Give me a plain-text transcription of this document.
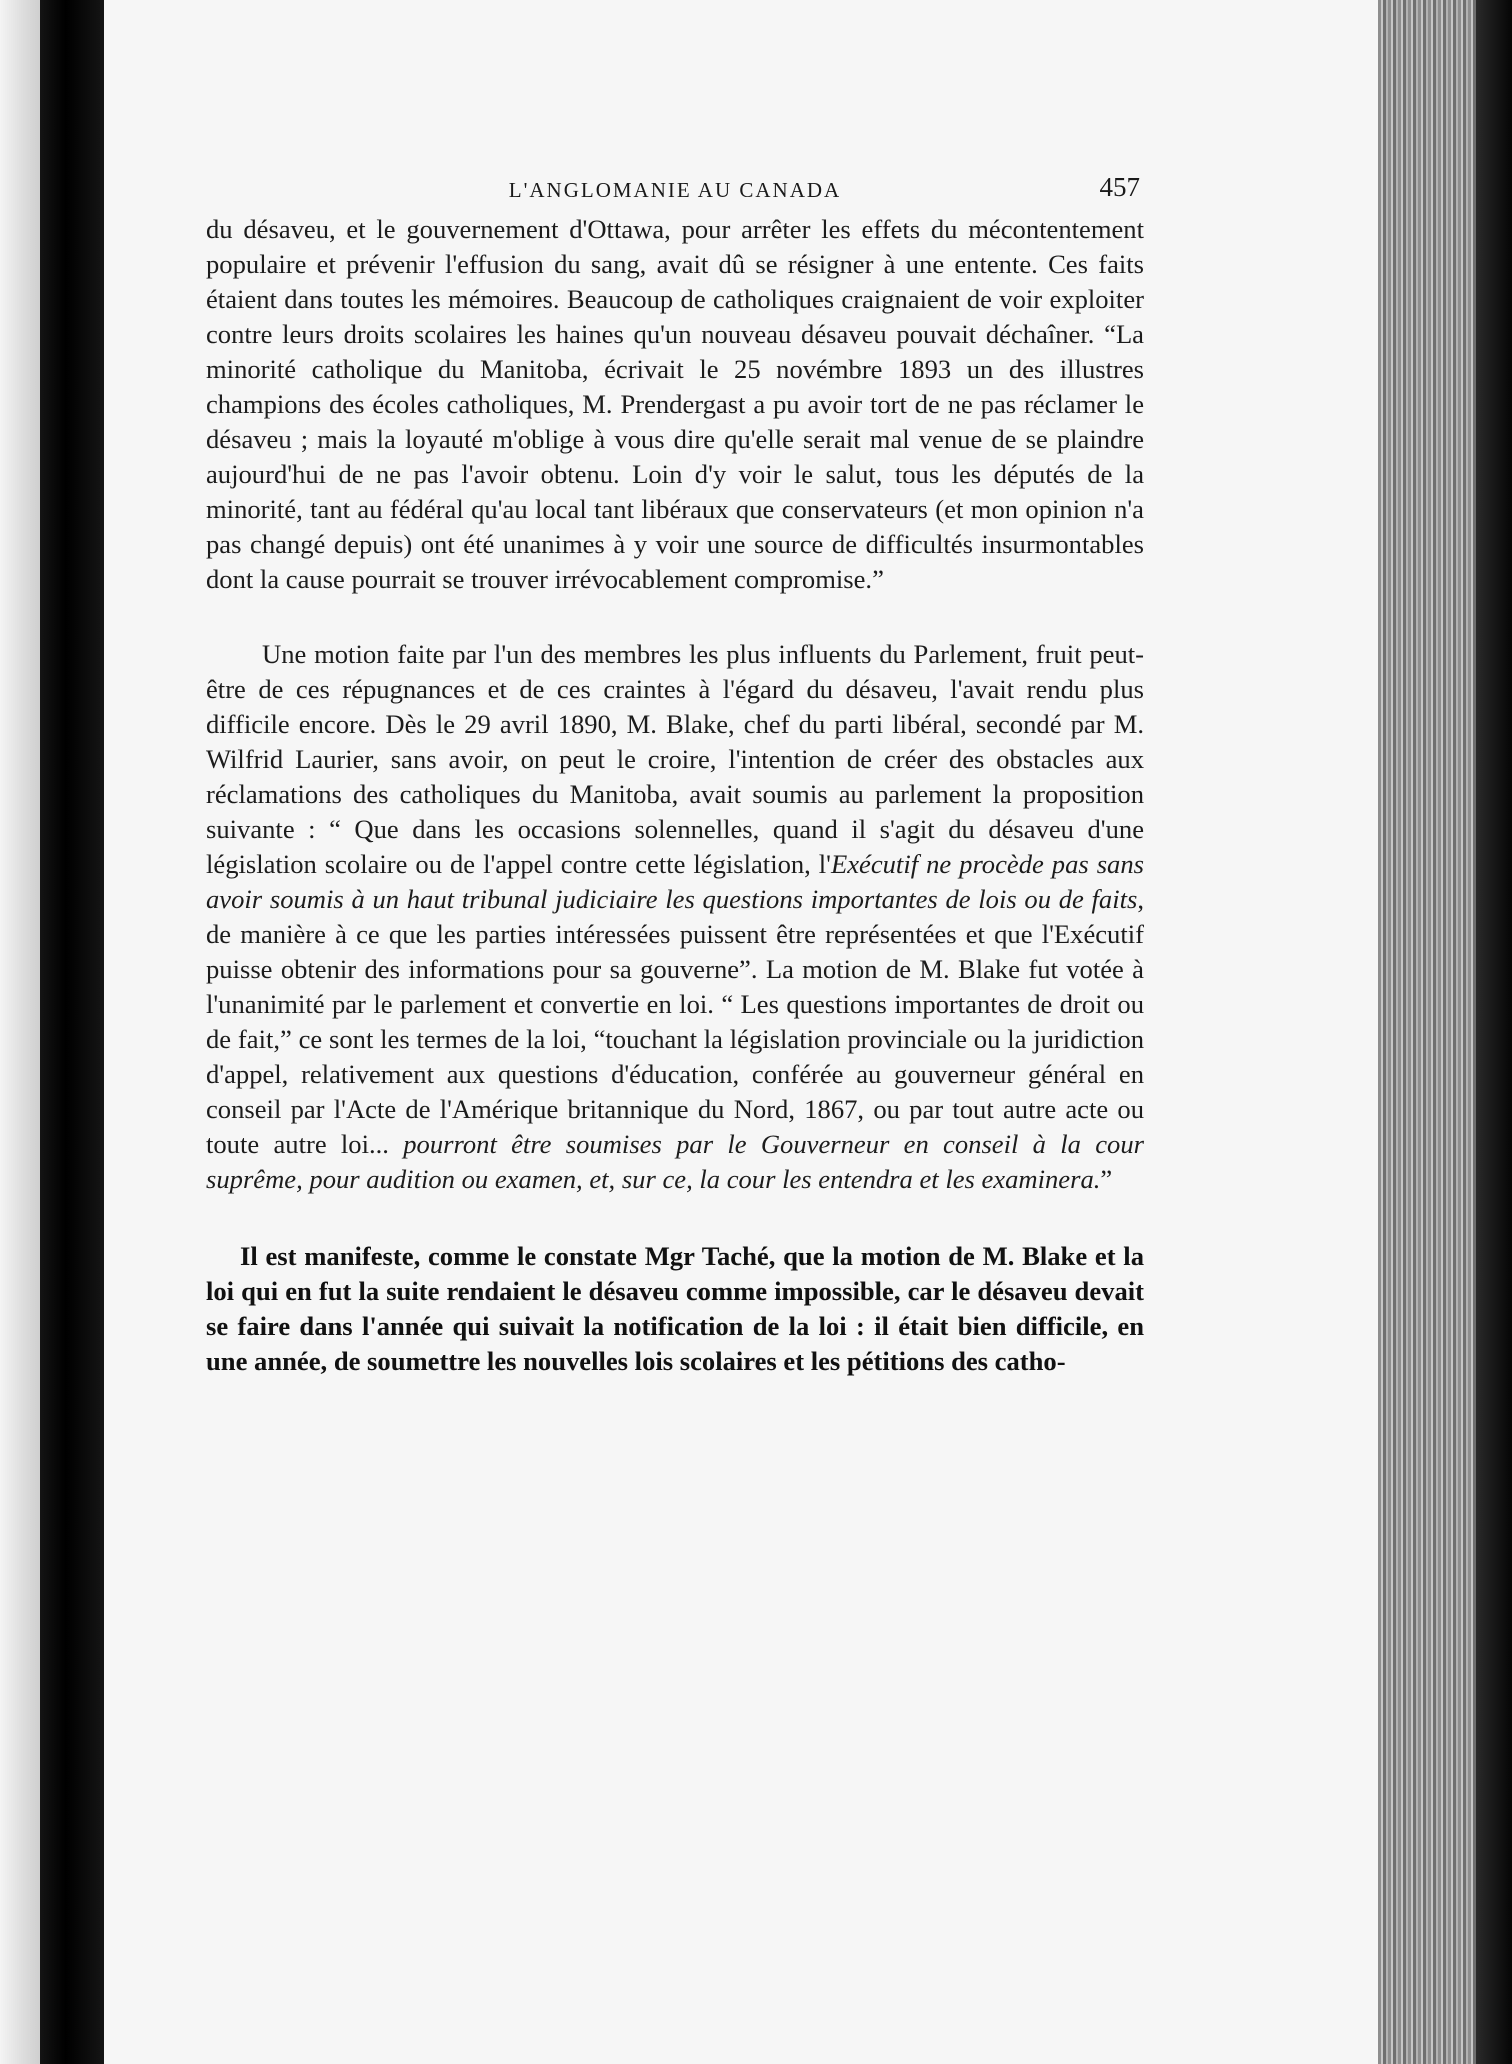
L'ANGLOMANIE AU CANADA	457

du désaveu, et le gouvernement d'Ottawa, pour arrêter les effets du mécontentement populaire et prévenir l'effusion du sang, avait dû se résigner à une entente. Ces faits étaient dans toutes les mémoires. Beaucoup de catholiques craignaient de voir exploiter contre leurs droits scolaires les haines qu'un nouveau désaveu pouvait déchaîner. “La minorité catholique du Manitoba, écrivait le 25 novémbre 1893 un des illustres champions des écoles catholiques, M. Prendergast a pu avoir tort de ne pas réclamer le désaveu ; mais la loyauté m'oblige à vous dire qu'elle serait mal venue de se plaindre aujourd'hui de ne pas l'avoir obtenu. Loin d'y voir le salut, tous les députés de la minorité, tant au fédéral qu'au local tant libéraux que conservateurs (et mon opinion n'a pas changé depuis) ont été unanimes à y voir une source de difficultés insurmontables dont la cause pourrait se trouver irrévocablement compromise.”

Une motion faite par l'un des membres les plus influents du Parlement, fruit peut-être de ces répugnances et de ces craintes à l'égard du désaveu, l'avait rendu plus difficile encore. Dès le 29 avril 1890, M. Blake, chef du parti libéral, secondé par M. Wilfrid Laurier, sans avoir, on peut le croire, l'intention de créer des obstacles aux réclamations des catholiques du Manitoba, avait soumis au parlement la proposition suivante : “ Que dans les occasions solennelles, quand il s'agit du désaveu d'une législation scolaire ou de l'appel contre cette législation, l'Exécutif ne procède pas sans avoir soumis à un haut tribunal judiciaire les questions importantes de lois ou de faits, de manière à ce que les parties intéressées puissent être représentées et que l'Exécutif puisse obtenir des informations pour sa gouverne”. La motion de M. Blake fut votée à l'unanimité par le parlement et convertie en loi. “ Les questions importantes de droit ou de fait,” ce sont les termes de la loi, “touchant la législation provinciale ou la juridiction d'appel, relativement aux questions d'éducation, conférée au gouverneur général en conseil par l'Acte de l'Amérique britannique du Nord, 1867, ou par tout autre acte ou toute autre loi... pourront être soumises par le Gouverneur en conseil à la cour suprême, pour audition ou examen, et, sur ce, la cour les entendra et les examinera.”

Il est manifeste, comme le constate Mgr Taché, que la motion de M. Blake et la loi qui en fut la suite rendaient le désaveu comme impossible, car le désaveu devait se faire dans l'année qui suivait la notification de la loi : il était bien difficile, en une année, de soumettre les nouvelles lois scolaires et les pétitions des catho-
